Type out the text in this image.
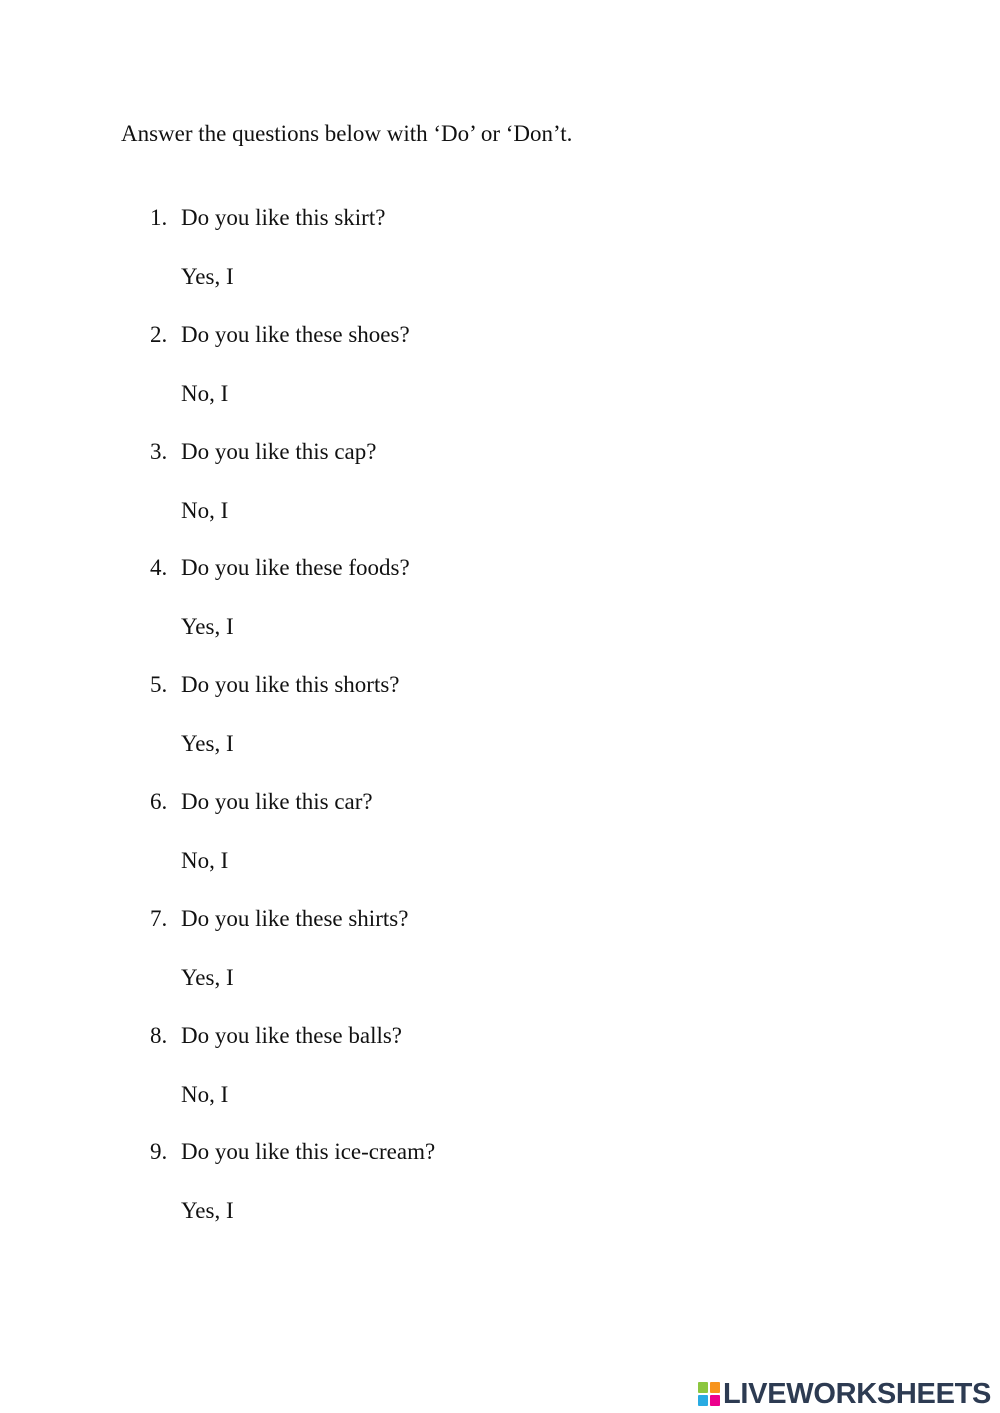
Answer the questions below with ‘Do’ or ‘Don’t.

1. Do you like this skirt?
Yes, I
2. Do you like these shoes?
No, I
3. Do you like this cap?
No, I
4. Do you like these foods?
Yes, I
5. Do you like this shorts?
Yes, I
6. Do you like this car?
No, I
7. Do you like these shirts?
Yes, I
8. Do you like these balls?
No, I
9. Do you like this ice-cream?
Yes, I
LIVEWORKSHEETS
